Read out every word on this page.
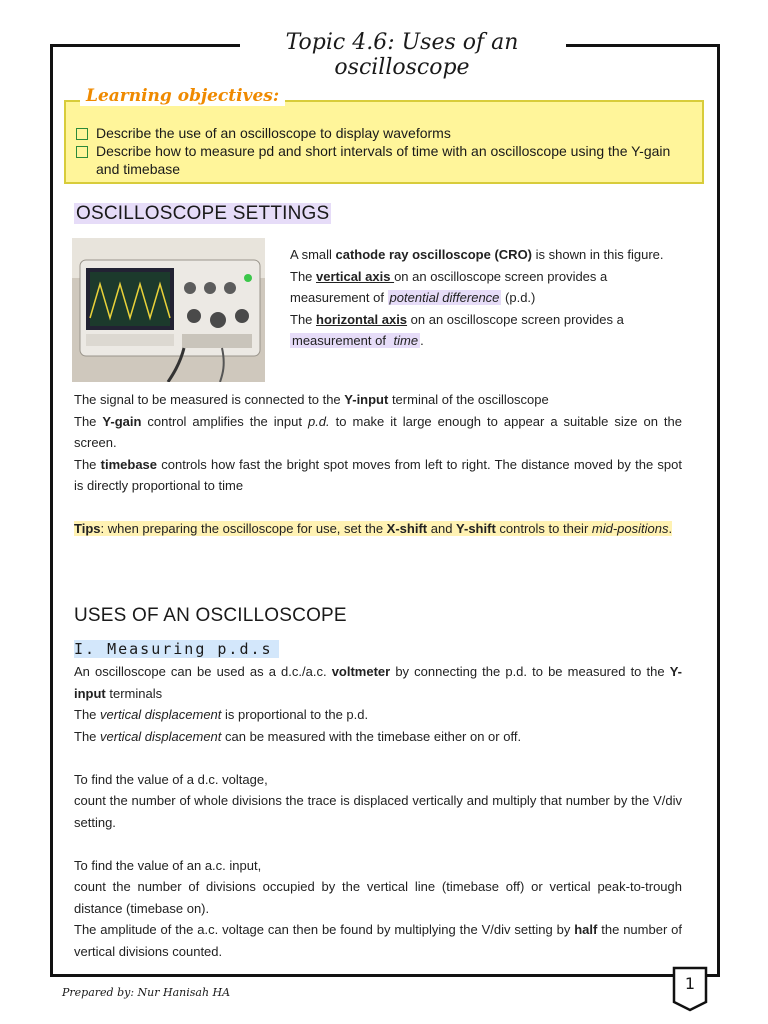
Topic 4.6: Uses of an oscilloscope
Learning objectives:
Describe the use of an oscilloscope to display waveforms
Describe how to measure pd and short intervals of time with an oscilloscope using the Y-gain and timebase
OSCILLOSCOPE SETTINGS
A small cathode ray oscilloscope (CRO) is shown in this figure.
The vertical axis on an oscilloscope screen provides a measurement of potential difference (p.d.)
The horizontal axis on an oscilloscope screen provides a measurement of time .
The signal to be measured is connected to the Y-input terminal of the oscilloscope
The Y-gain control amplifies the input p.d. to make it large enough to appear a suitable size on the screen.
The timebase controls how fast the bright spot moves from left to right. The distance moved by the spot is directly proportional to time
Tips: when preparing the oscilloscope for use, set the X-shift and Y-shift controls to their mid-positions.
USES OF AN OSCILLOSCOPE
I. Measuring p.d.s
An oscilloscope can be used as a d.c./a.c. voltmeter by connecting the p.d. to be measured to the Y-input terminals
The vertical displacement is proportional to the p.d.
The vertical displacement can be measured with the timebase either on or off.

To find the value of a d.c. voltage,
count the number of whole divisions the trace is displaced vertically and multiply that number by the V/div setting.

To find the value of an a.c. input,
count the number of divisions occupied by the vertical line (timebase off) or vertical peak-to-trough distance (timebase on).
The amplitude of the a.c. voltage can then be found by multiplying the V/div setting by half the number of vertical divisions counted.
Prepared by: Nur Hanisah HA	1
